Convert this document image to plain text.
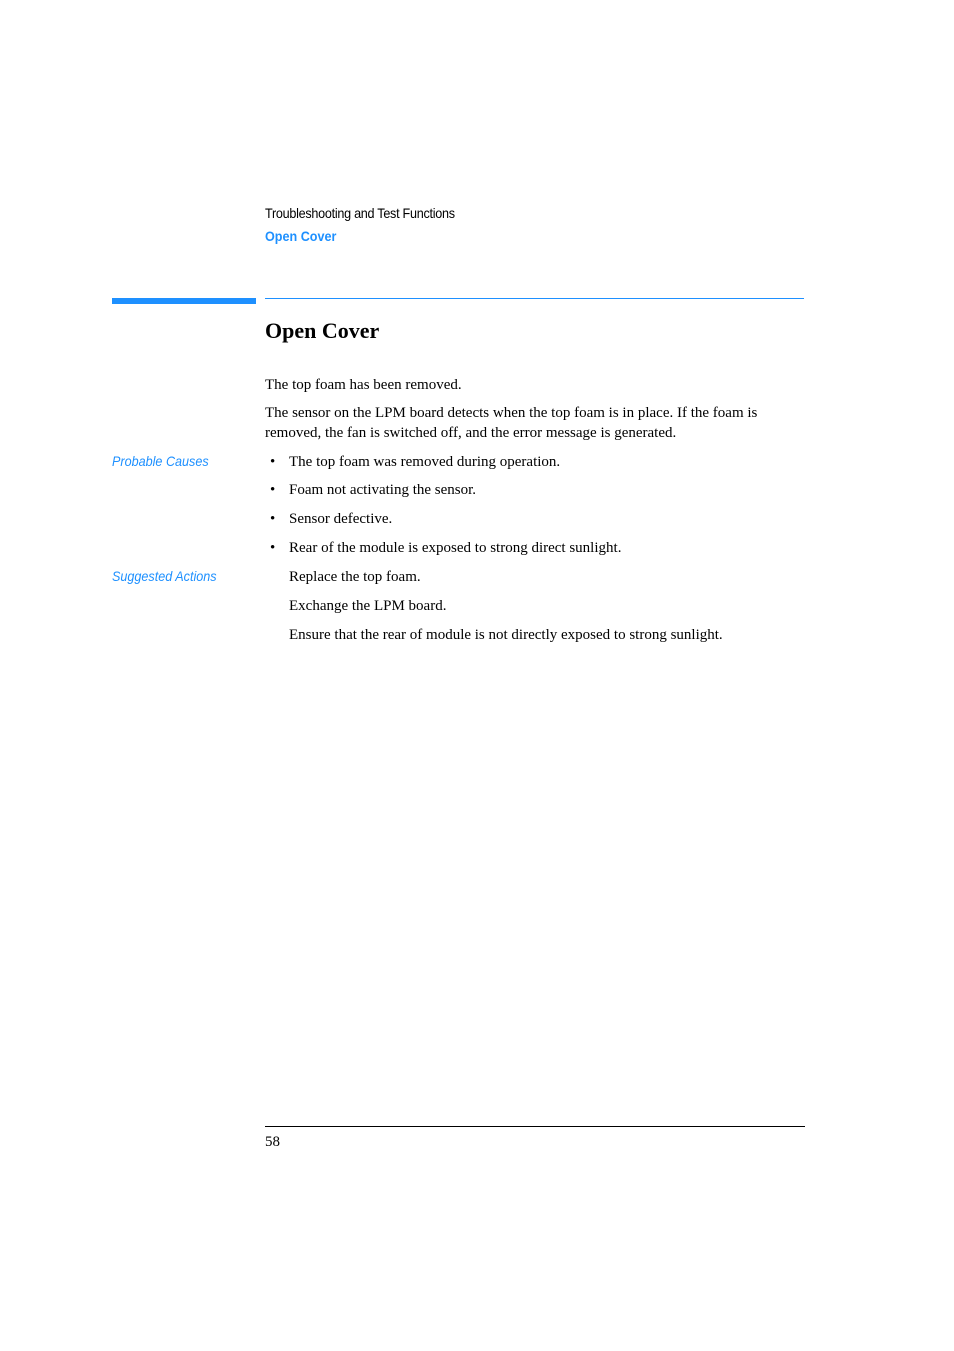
Troubleshooting and Test Functions
Open Cover
Open Cover

The top foam has been removed.

The sensor on the LPM board detects when the top foam is in place. If the foam is removed, the fan is switched off, and the error message is generated.

Probable Causes	• The top foam was removed during operation.
• Foam not activating the sensor.
• Sensor defective.
• Rear of the module is exposed to strong direct sunlight.
Suggested Actions	Replace the top foam.
Exchange the LPM board.
Ensure that the rear of module is not directly exposed to strong sunlight.
58
